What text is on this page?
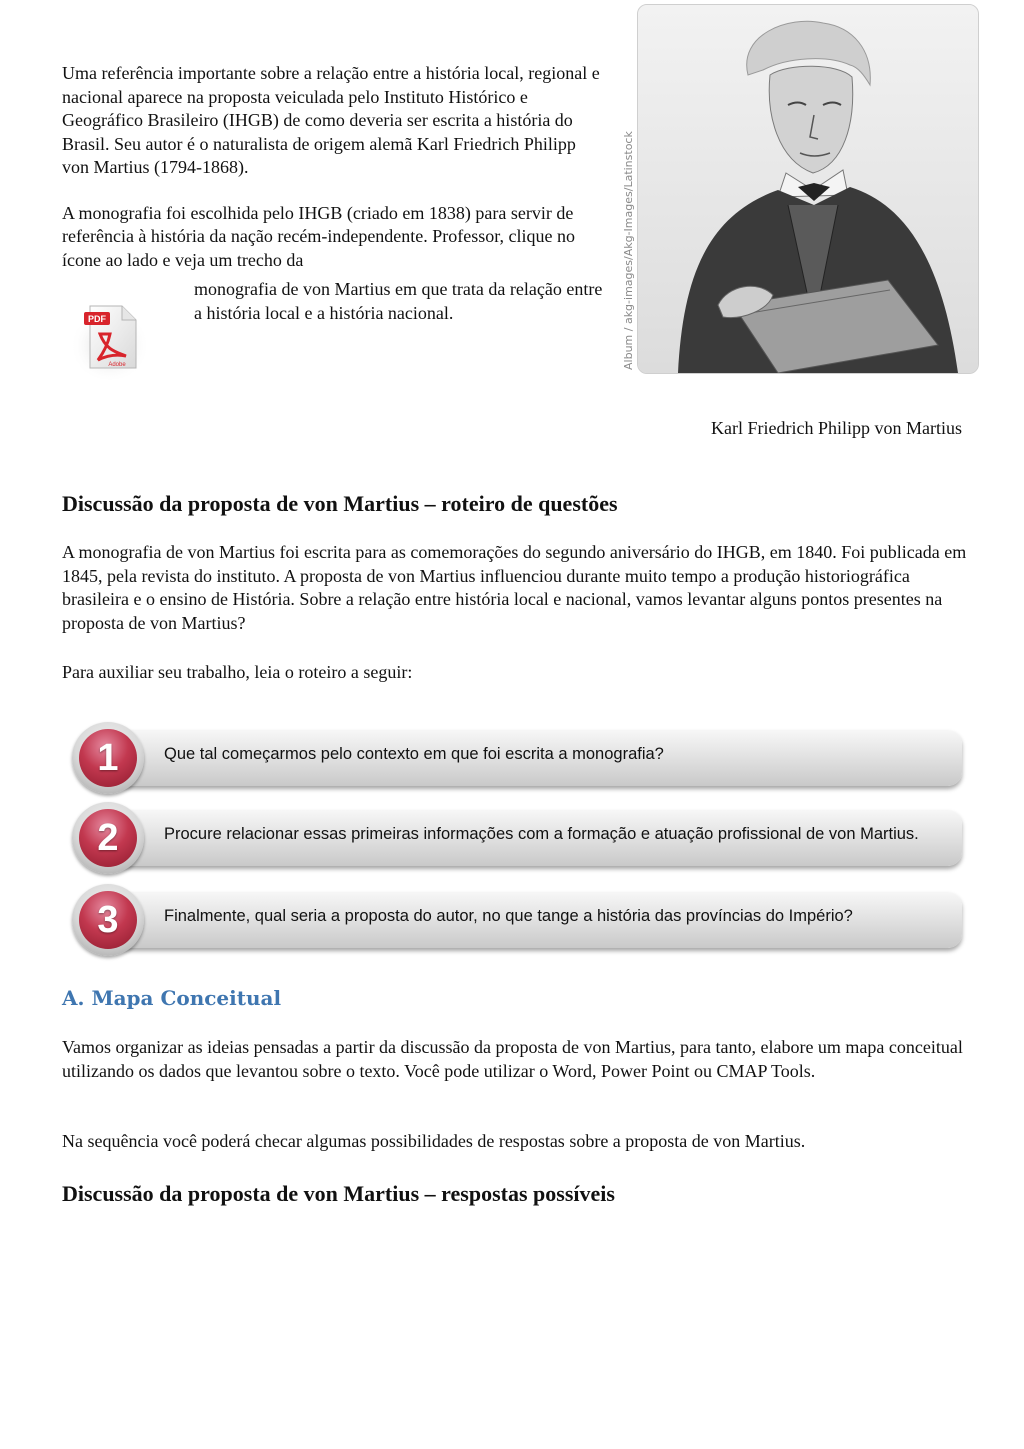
Uma referência importante sobre a relação entre a história local, regional e nacional aparece na proposta veiculada pelo Instituto Histórico e Geográfico Brasileiro (IHGB) de como deveria ser escrita a história do Brasil. Seu autor é o naturalista de origem alemã Karl Friedrich Philipp von Martius (1794-1868).
A monografia foi escolhida pelo IHGB (criado em 1838) para servir de referência à história da nação recém-independente. Professor, clique no ícone ao lado e veja um trecho da
monografia de von Martius em que trata da relação entre a história local e a história nacional.
PDF
Adobe	Album / akg-images/Akg-Images/Latinstock
Karl Friedrich Philipp von Martius
Discussão da proposta de von Martius – roteiro de questões
A monografia de von Martius foi escrita para as comemorações do segundo aniversário do IHGB, em 1840. Foi publicada em 1845, pela revista do instituto. A proposta de von Martius influenciou durante muito tempo a produção historiográfica brasileira e o ensino de História. Sobre a relação entre história local e nacional, vamos levantar alguns pontos presentes na proposta de von Martius?
Para auxiliar seu trabalho, leia o roteiro a seguir:
Que tal começarmos pelo contexto em que foi escrita a monografia?
1
Procure relacionar essas primeiras informações com a formação e atuação profissional de von Martius.
2
Finalmente, qual seria a proposta do autor, no que tange a história das províncias do Império?
3
A. Mapa Conceitual
Vamos organizar as ideias pensadas a partir da discussão da proposta de von Martius, para tanto, elabore um mapa conceitual utilizando os dados que levantou sobre o texto. Você pode utilizar o Word, Power Point ou CMAP Tools.
Na sequência você poderá checar algumas possibilidades de respostas sobre a proposta de von Martius.
Discussão da proposta de von Martius – respostas possíveis
